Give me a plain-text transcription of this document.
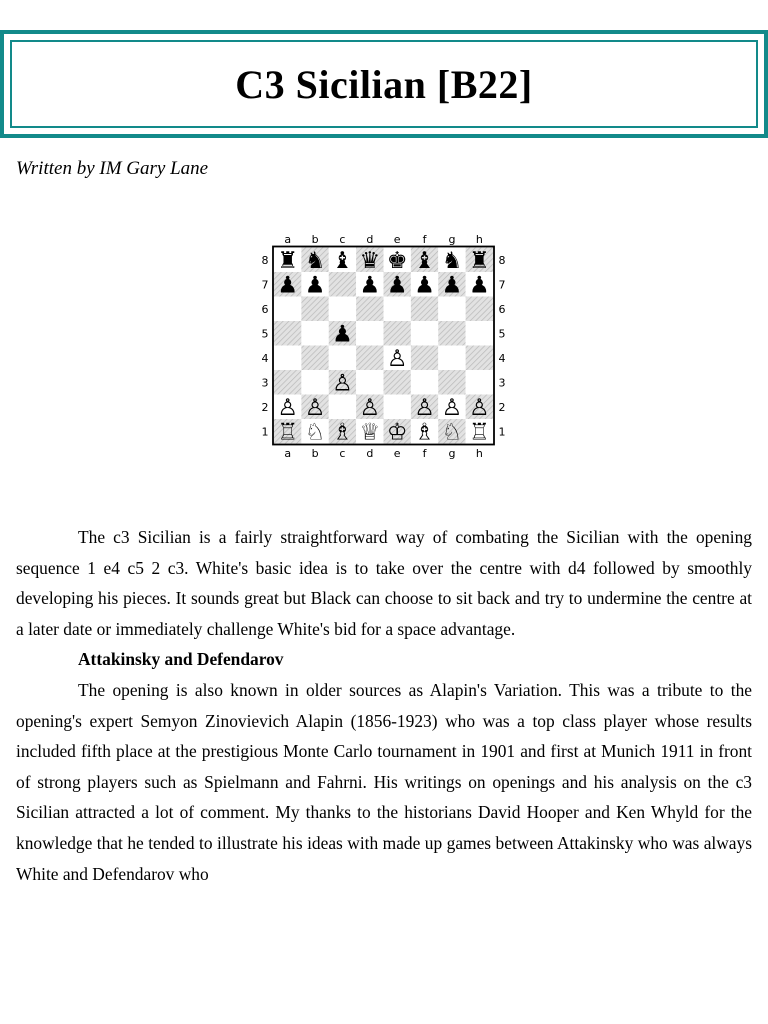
C3 Sicilian [B22]
Written by IM Gary Lane
a
a
b
b
c
c
d
d
e
e
f
f
g
g
h
h
8	8
7	7
6	6
5	5
4	4
3	3
2	2
1	1
♜ ♞ ♝ ♛ ♚ ♝ ♞ ♜
♟ ♟ ♟ ♟ ♟ ♟ ♟
♟
♙
♙
♙ ♙ ♙ ♙ ♙ ♙
♖ ♘ ♗ ♕ ♔ ♗ ♘ ♖

The c3 Sicilian is a fairly straightforward way of combating the Sicilian with the opening sequence 1 e4 c5 2 c3. White's basic idea is to take over the centre with d4 followed by smoothly developing his pieces. It sounds great but Black can choose to sit back and try to undermine the centre at a later date or immediately challenge White's bid for a space advantage.

Attakinsky and Defendarov

The opening is also known in older sources as Alapin's Variation. This was a tribute to the opening's expert Semyon Zinovievich Alapin (1856-1923) who was a top class player whose results included fifth place at the prestigious Monte Carlo tournament in 1901 and first at Munich 1911 in front of strong players such as Spielmann and Fahrni. His writings on openings and his analysis on the c3 Sicilian attracted a lot of comment. My thanks to the historians David Hooper and Ken Whyld for the knowledge that he tended to illustrate his ideas with made up games between Attakinsky who was always White and Defendarov who
